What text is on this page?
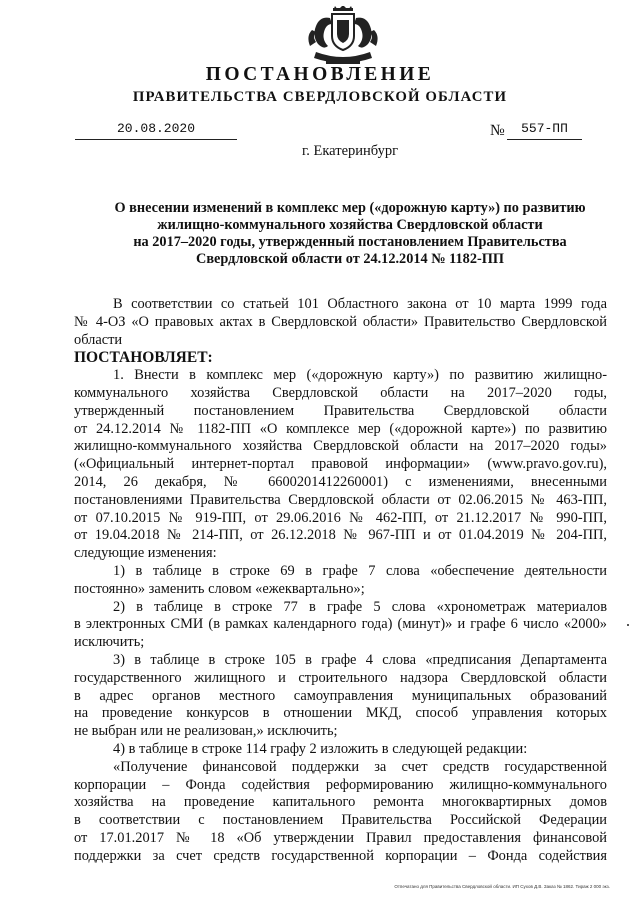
ПОСТАНОВЛЕНИЕ
ПРАВИТЕЛЬСТВА СВЕРДЛОВСКОЙ ОБЛАСТИ
20.08.2020	№	557-ПП
г. Екатеринбург
О внесении изменений в комплекс мер («дорожную карту») по развитию
жилищно-коммунального хозяйства Свердловской области
на 2017–2020 годы, утвержденный постановлением Правительства
Свердловской области от 24.12.2014 № 1182-ПП
В соответствии со статьей 101 Областного закона от 10 марта 1999 года
№ 4-ОЗ «О правовых актах в Свердловской области» Правительство Свердловской
области
ПОСТАНОВЛЯЕТ:
1. Внести в комплекс мер («дорожную карту») по развитию жилищно-
коммунального хозяйства Свердловской области на 2017–2020 годы,
утвержденный постановлением Правительства Свердловской области
от 24.12.2014 № 1182-ПП «О комплексе мер («дорожной карте») по развитию
жилищно-коммунального хозяйства Свердловской области на 2017–2020 годы»
(«Официальный интернет-портал правовой информации» (www.pravo.gov.ru),
2014, 26 декабря, № 6600201412260001) с изменениями, внесенными
постановлениями Правительства Свердловской области от 02.06.2015 № 463-ПП,
от 07.10.2015 № 919-ПП, от 29.06.2016 № 462-ПП, от 21.12.2017 № 990-ПП,
от 19.04.2018 № 214-ПП, от 26.12.2018 № 967-ПП и от 01.04.2019 № 204-ПП,
следующие изменения:
1) в таблице в строке 69 в графе 7 слова «обеспечение деятельности
постоянно» заменить словом «ежеквартально»;
2) в таблице в строке 77 в графе 5 слова «хронометраж материалов
в электронных СМИ (в рамках календарного года) (минут)» и графе 6 число «2000»
исключить;
3) в таблице в строке 105 в графе 4 слова «предписания Департамента
государственного жилищного и строительного надзора Свердловской области
в адрес органов местного самоуправления муниципальных образований
на проведение конкурсов в отношении МКД, способ управления которых
не выбран или не реализован,» исключить;
4) в таблице в строке 114 графу 2 изложить в следующей редакции:
«Получение финансовой поддержки за счет средств государственной
корпорации – Фонда содействия реформированию жилищно-коммунального
хозяйства на проведение капитального ремонта многоквартирных домов
в соответствии с постановлением Правительства Российской Федерации
от 17.01.2017 № 18 «Об утверждении Правил предоставления финансовой
поддержки за счет средств государственной корпорации – Фонда содействия
Отпечатано для Правительства Свердловской области. ИП Сухов Д.В. Заказ № 1862. Тираж 2 000 экз.
